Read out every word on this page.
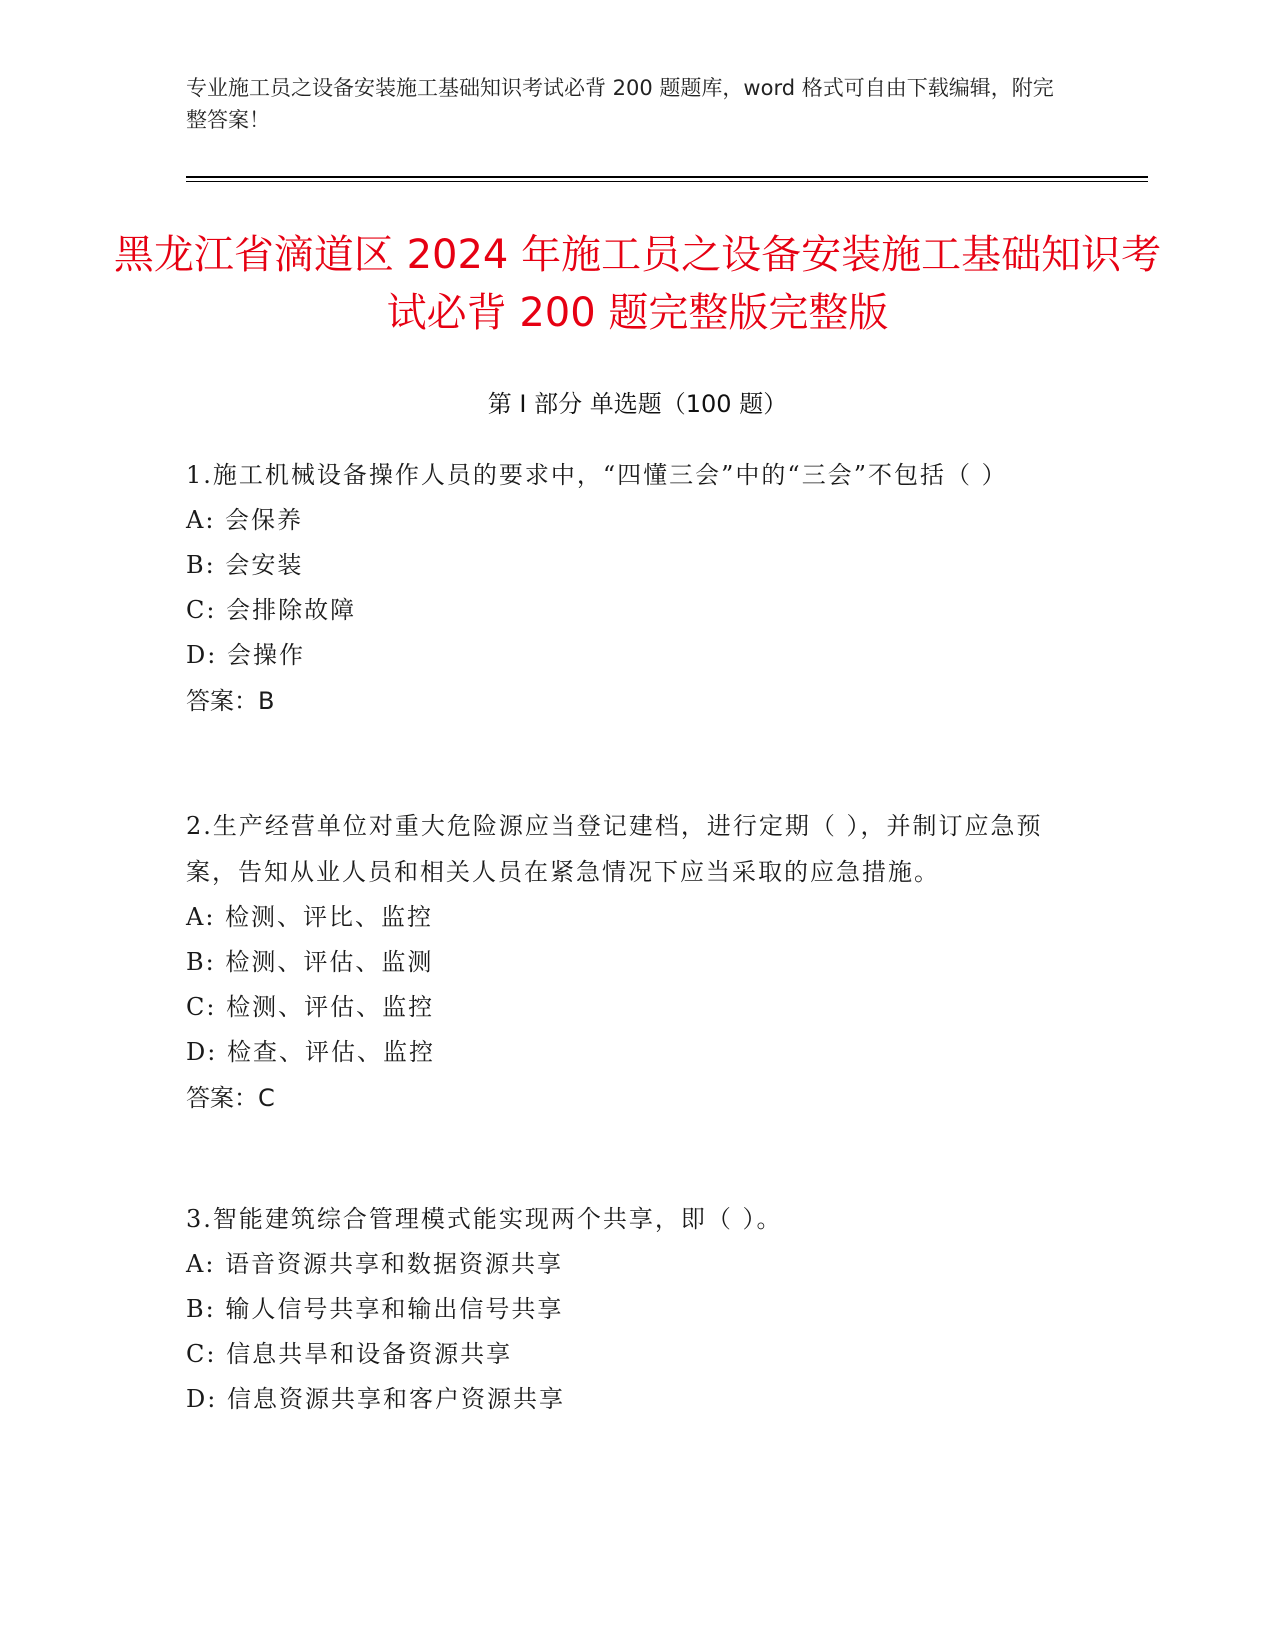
专业施工员之设备安装施工基础知识考试必背 200 题题库，word 格式可自由下载编辑，附完整答案！
黑龙江省滴道区 2024 年施工员之设备安装施工基础知识考试必背 200 题完整版完整版
第 I 部分 单选题（100 题）
1.施工机械设备操作人员的要求中，“四懂三会”中的“三会”不包括（ ）
A: 会保养
B: 会安装
C: 会排除故障
D: 会操作
答案：B
2.生产经营单位对重大危险源应当登记建档，进行定期（ ），并制订应急预案，告知从业人员和相关人员在紧急情况下应当采取的应急措施。
A: 检测、评比、监控
B: 检测、评估、监测
C: 检测、评估、监控
D: 检查、评估、监控
答案：C
3.智能建筑综合管理模式能实现两个共享，即（ ）。
A: 语音资源共享和数据资源共享
B: 输人信号共享和输出信号共享
C: 信息共旱和设备资源共享
D: 信息资源共享和客户资源共享
